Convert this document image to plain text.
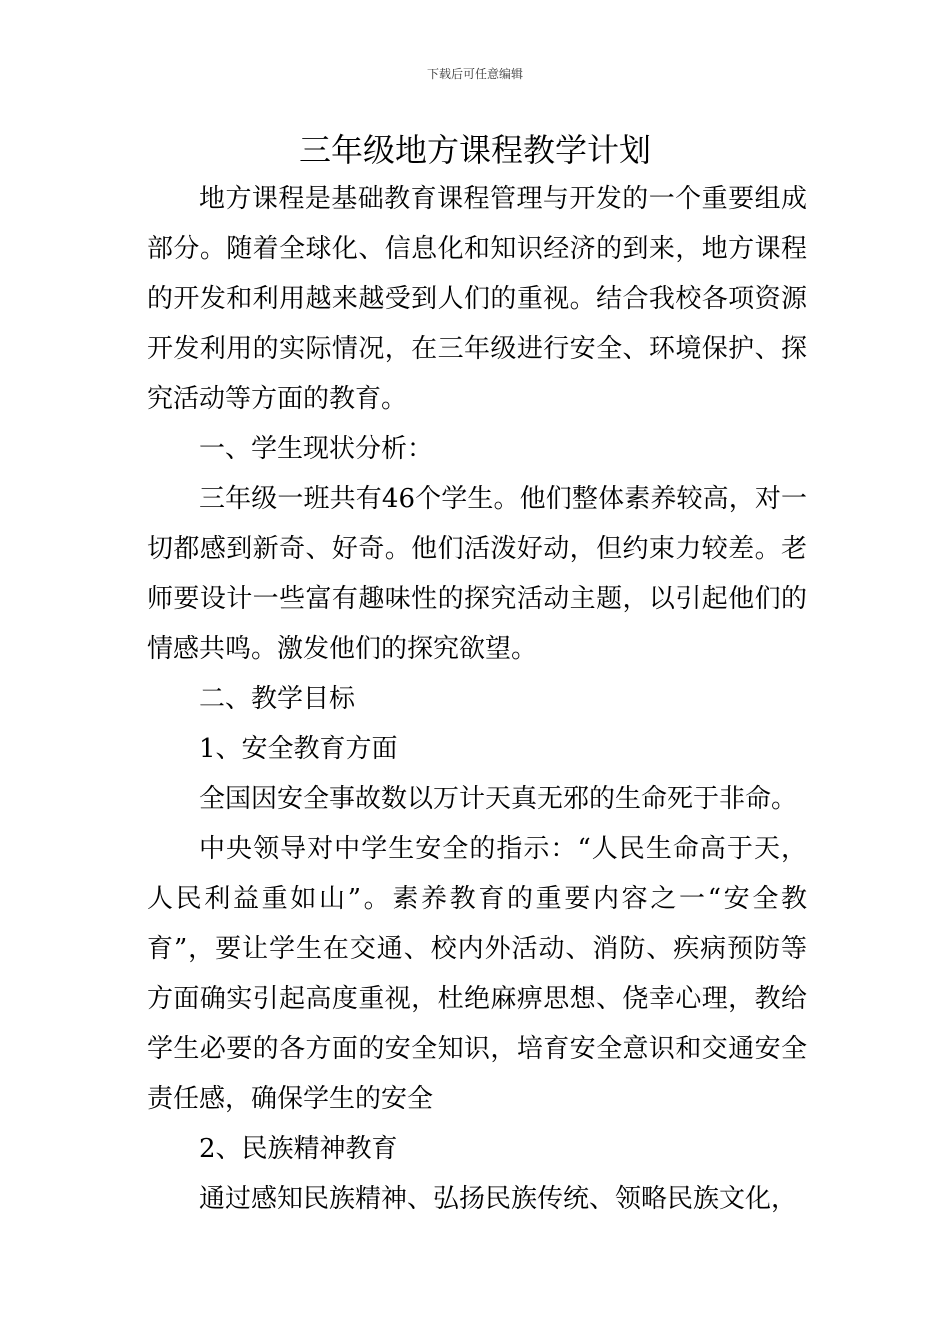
下载后可任意编辑
三年级地方课程教学计划

地方课程是基础教育课程管理与开发的一个重要组成部分。随着全球化、信息化和知识经济的到来，地方课程的开发和利用越来越受到人们的重视。结合我校各项资源开发利用的实际情况，在三年级进行安全、环境保护、探究活动等方面的教育。

一、学生现状分析：

三年级一班共有46个学生。他们整体素养较高，对一切都感到新奇、好奇。他们活泼好动，但约束力较差。老师要设计一些富有趣味性的探究活动主题，以引起他们的情感共鸣。激发他们的探究欲望。

二、教学目标

1、安全教育方面

全国因安全事故数以万计天真无邪的生命死于非命。

中央领导对中学生安全的指示：“人民生命高于天，人民利益重如山”。素养教育的重要内容之一“安全教育”，要让学生在交通、校内外活动、消防、疾病预防等方面确实引起高度重视，杜绝麻痹思想、侥幸心理，教给学生必要的各方面的安全知识，培育安全意识和交通安全责任感，确保学生的安全

2、民族精神教育

通过感知民族精神、弘扬民族传统、领略民族文化，
